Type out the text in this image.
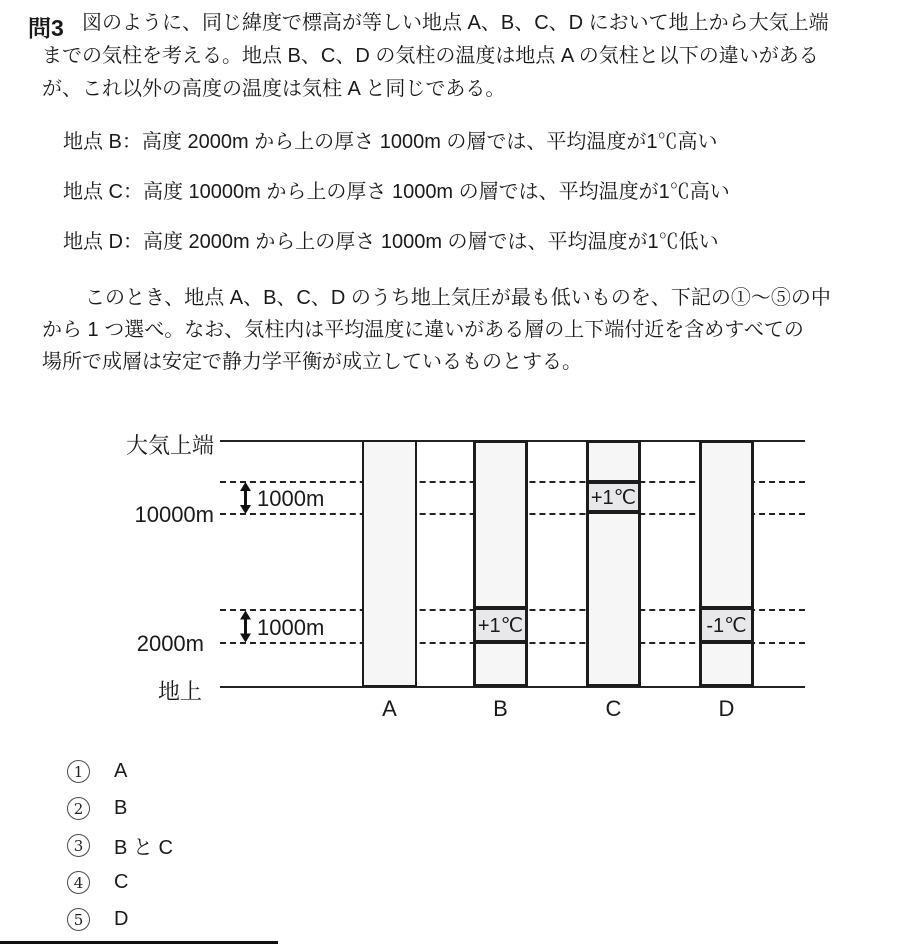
問3 図のように、同じ緯度で標高が等しい地点 A、B、C、D において地上から大気上端
までの気柱を考える。地点 B、C、D の気柱の温度は地点 A の気柱と以下の違いがある
が、これ以外の高度の温度は気柱 A と同じである。
地点 B：高度 2000m から上の厚さ 1000m の層では、平均温度が1℃高い
地点 C：高度 10000m から上の厚さ 1000m の層では、平均温度が1℃高い
地点 D：高度 2000m から上の厚さ 1000m の層では、平均温度が1℃低い
このとき、地点 A、B、C、D のうち地上気圧が最も低いものを、下記の①～⑤の中
から 1 つ選べ。なお、気柱内は平均温度に違いがある層の上下端付近を含めすべての
場所で成層は安定で静力学平衡が成立しているものとする。
大気上端
10000m
2000m
地上
1000m
1000m	+1℃
+1℃
-1℃
A	B	C	D
1	A
2	B
3	B と C
4	C
5	D
